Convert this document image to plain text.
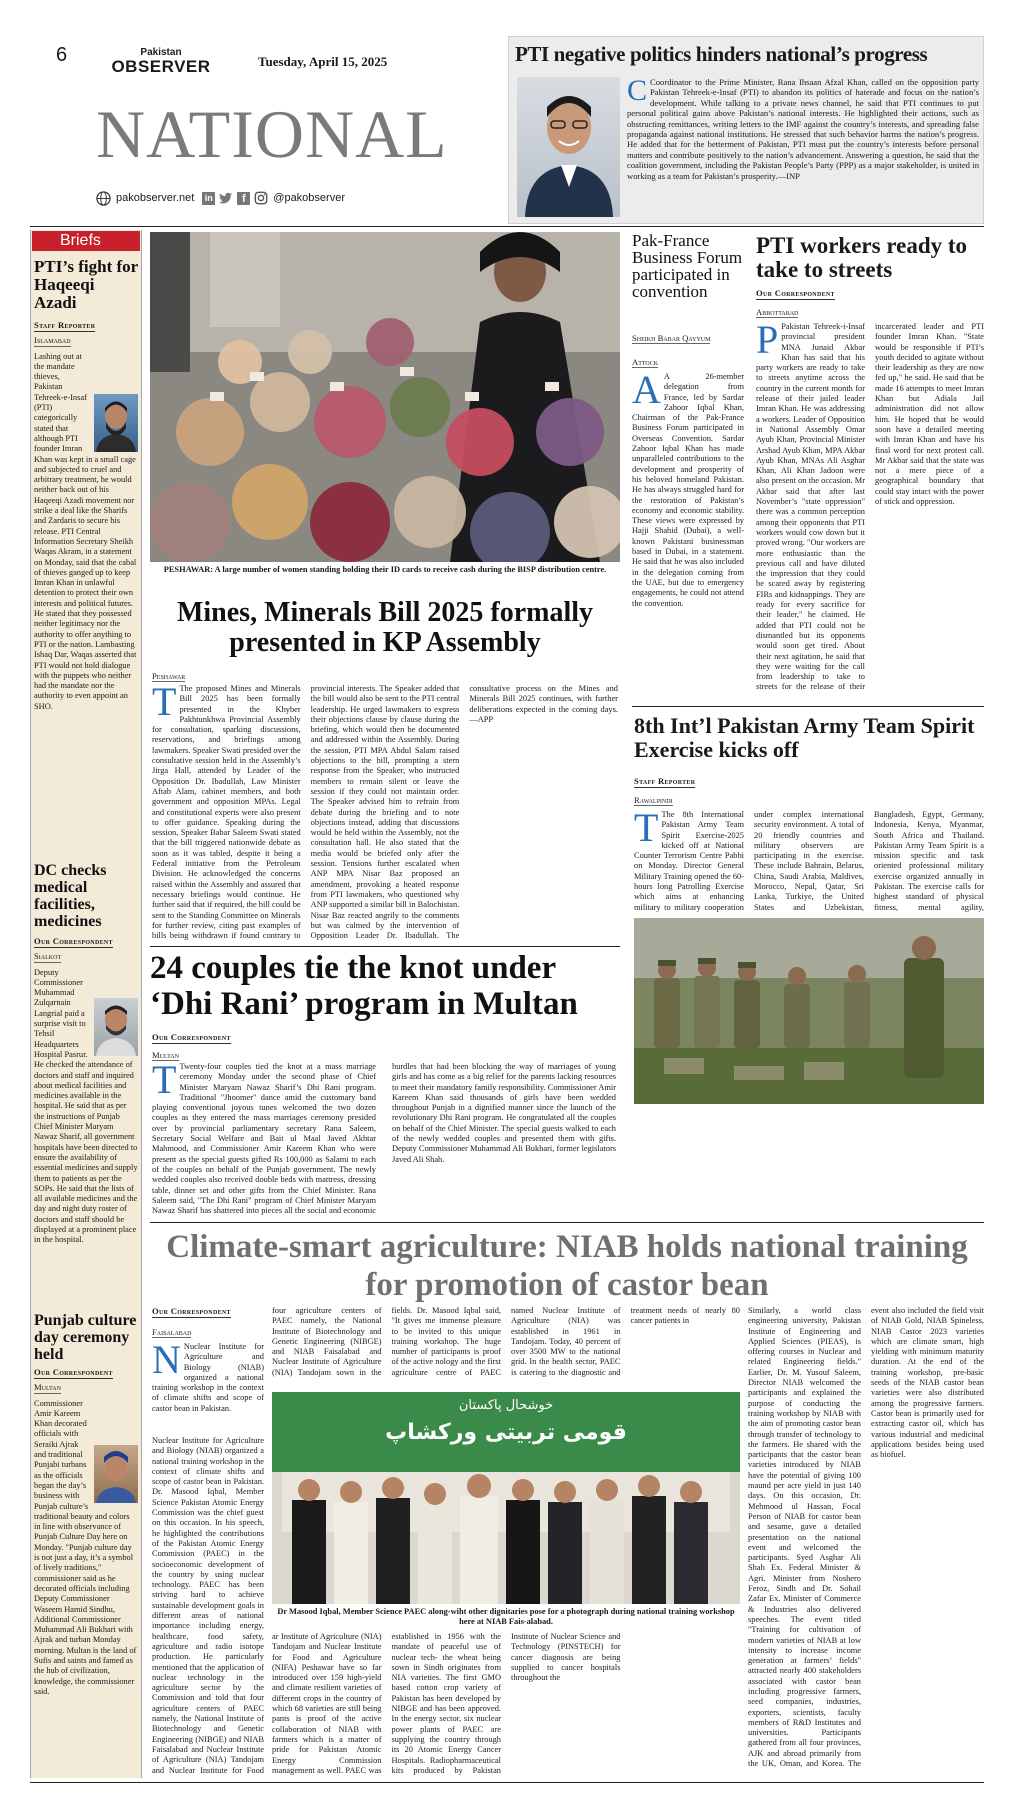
6	Pakistan
OBSERVER	Tuesday, April 15, 2025
NATIONAL
pakobserver.net in	f	@pakobserver
PTI negative politics hinders national’s progress
C Coordinator to the Prime Minister, Rana Ihsaan Afzal Khan, called on the opposition party Pakistan Tehreek-e-Insaf (PTI) to abandon its politics of haterade and focus on the nation’s development. While talking to a private news channel, he said that PTI continues to put personal political gains above Pakistan’s national interests. He highlighted their actions, such as obstructing remittances, writing letters to the IMF against the country’s interests, and spreading false propaganda against national institutions. He stressed that such behavior harms the nation’s progress. He added that for the betterment of Pakistan, PTI must put the country’s interests before personal matters and contribute positively to the nation’s advancement. Answering a question, he said that the coalition government, including the Pakistan People’s Party (PPP) as a major stakeholder, is united in working as a team for Pakistan’s prosperity.—INP
Briefs
PTI’s fight for Haqeeqi Azadi
Staff Reporter
Islamabad
Lashing out at the mandate thieves, Pakistan Tehreek-e-Insaf (PTI) categorically stated that although PTI founder Imran Khan was kept in a small cage and subjected to cruel and arbitrary treatment, he would neither back out of his Haqeeqi Azadi movement nor strike a deal like the Sharifs and Zardaris to secure his release. PTI Central Information Secretary Sheikh Waqas Akram, in a statement on Monday, said that the cabal of thieves ganged up to keep Imran Khan in unlawful detention to protect their own interests and political futures. He stated that they possessed neither legitimacy nor the authority to offer anything to PTI or the nation. Lambasting Ishaq Dar, Waqas asserted that PTI would not hold dialogue with the puppets who neither had the mandate nor the authority to even appoint an SHO.
DC checks medical facilities, medicines
Our Correspondent
Sialkot
Deputy Commissioner Muhammad Zulqarnain Langrial paid a surprise visit to Tehsil Headquarters Hospital Pasrur. He checked the attendance of doctors and staff and inquired about medical facilities and medicines available in the hospital. He said that as per the instructions of Punjab Chief Minister Maryam Nawaz Sharif, all government hospitals have been directed to ensure the availability of essential medicines and supply them to patients as per the SOPs. He said that the lists of all available medicines and the day and night duty roster of doctors and staff should be displayed at a prominent place in the hospital.
Punjab culture day ceremony held
Our Correspondent
Multan
Commissioner Amir Kareem Khan decorated officials with Seraiki Ajrak and traditional Punjabi turbans as the officials began the day’s business with Punjab culture’s traditional beauty and colors in line with observance of Punjab Culture Day here on Monday. "Punjab culture day is not just a day, it’s a symbol of lively traditions," commissioner said as he decorated officials including Deputy Commissioner Waseem Hamid Sindhu, Additional Commissioner Muhammad Ali Bukhari with Ajrak and turban Monday morning. Multan is the land of Sufis and saints and famed as the hub of civilization, knowledge, the commissioner said.
PESHAWAR: A large number of women standing holding their ID cards to receive cash during the BISP distribution centre.
Mines, Minerals Bill 2025 formally presented in KP Assembly
Peshawar
T The proposed Mines and Minerals Bill 2025 has been formally presented in the Khyber Pakhtunkhwa Provincial Assembly for consultation, sparking discussions, reservations, and briefings among lawmakers. Speaker Swati presided over the consultative session held in the Assembly’s Jirga Hall, attended by Leader of the Opposition Dr. Ibadullah, Law Minister Aftab Alam, cabinet members, and both government and opposition MPAs. Legal and constitutional experts were also present to offer guidance. Speaking during the session, Speaker Babar Saleem Swati stated that the bill triggered nationwide debate as soon as it was tabled, despite it being a Federal initiative from the Petroleum Division. He acknowledged the concerns raised within the Assembly and assured that necessary briefings would continue. He further said that if required, the bill could be sent to the Standing Committee on Minerals for further review, citing past examples of bills being withdrawn if found contrary to provincial interests. The Speaker added that the bill would also be sent to the PTI central leadership. He urged lawmakers to express their objections clause by clause during the briefing, which would then be documented and addressed within the Assembly. During the session, PTI MPA Abdul Salam raised objections to the bill, prompting a stern response from the Speaker, who instructed members to remain silent or leave the session if they could not maintain order. The Speaker advised him to refrain from debate during the briefing and to note objections instead, adding that discussions would be held within the Assembly, not the consultation hall. He also stated that the media would be briefed only after the session. Tensions further escalated when ANP MPA Nisar Baz proposed an amendment, provoking a heated response from PTI lawmakers, who questioned why ANP supported a similar bill in Balochistan. Nisar Baz reacted angrily to the comments but was calmed by the intervention of Opposition Leader Dr. Ibadullah. The consultative process on the Mines and Minerals Bill 2025 continues, with further deliberations expected in the coming days.—APP
24 couples tie the knot under ‘Dhi Rani’ program in Multan
Our Correspondent
Multan
T Twenty-four couples tied the knot at a mass marriage ceremony Monday under the second phase of Chief Minister Maryam Nawaz Sharif’s Dhi Rani program. Traditional "Jhoomer" dance amid the customary band playing conventional joyous tunes welcomed the two dozen couples as they entered the mass marriages ceremony presided over by provincial parliamentary secretary Rana Saleem, Secretary Social Welfare and Bait ul Maal Javed Akhtar Mahmood, and Commissioner Amir Kareem Khan who were present as the special guests gifted Rs 100,000 as Salami to each of the couples on behalf of the Punjab government. The newly wedded couples also received double beds with mattress, dressing table, dinner set and other gifts from the Chief Minister. Rana Saleem said, "The Dhi Rani" program of Chief Minister Maryam Nawaz Sharif has shattered into pieces all the social and economic hurdles that had been blocking the way of marriages of young girls and has come as a big relief for the parents lacking resources to meet their mandatory family responsibility. Commissioner Amir Kareem Khan said thousands of girls have been wedded throughout Punjab in a dignified manner since the launch of the revolutionary Dhi Rani program. He congratulated all the couples on behalf of the Chief Minister. The special guests walked to each of the newly wedded couples and presented them with gifts. Deputy Commissioner Muhammad Ali Bukhari, former legislators Javed Ali Shah.
Pak-France Business Forum participated in convention
Sheikh Babar Qayyum
Attock
A A 26-member delegation from France, led by Sardar Zahoor Iqbal Khan, Chairman of the Pak-France Business Forum participated in Overseas Convention. Sardar Zahoor Iqbal Khan has made unparalleled contributions to the development and prosperity of his beloved homeland Pakistan. He has always struggled hard for the restoration of Pakistan’s economy and economic stability. These views were expressed by Hajji Shahid (Dubai), a well-known Pakistani businessman based in Dubai, in a statement. He said that he was also included in the delegation coming from the UAE, but due to emergency engagements, he could not attend the convention.
PTI workers ready to take to streets
Our Correspondent
Abbottabad
P Pakistan Tehreek-i-Insaf provincial president MNA Junaid Akbar Khan has said that his party workers are ready to take to streets anytime across the country in the current month for release of their jailed leader Imran Khan. He was addressing a workers. Leader of Opposition in National Assembly Omar Ayub Khan, Provincial Minister Arshad Ayub Khan, MPA Akbar Ayub Khan, MNAs Ali Asghar Khan, Ali Khan Jadoon were also present on the occasion. Mr Akbar said that after last November’s "state oppression" there was a common perception among their opponents that PTI workers would cow down but it proved wrong. "Our workers are more enthusiastic than the previous call and have diluted the impression that they could be scared away by registering FIRs and kidnappings. They are ready for every sacrifice for their leader," he claimed. He added that PTI could not be dismantled but its opponents would soon get tired. About their next agitation, he said that they were waiting for the call from leadership to take to streets for the release of their incarcerated leader and PTI founder Imran Khan. "State would be responsible if PTI’s youth decided to agitate without their leadership as they are now fed up," he said. He said that he made 16 attempts to meet Imran Khan but Adiala Jail administration did not allow him. He hoped that he would soon have a detailed meeting with Imran Khan and have his final word for next protest call. Mr Akbar said that the state was not a mere piece of a geographical boundary that could stay intact with the power of stick and oppression.
8th Int’l Pakistan Army Team Spirit Exercise kicks off
Staff Reporter
Rawalpindi
T The 8th International Pakistan Army Team Spirit Exercise-2025 kicked off at National Counter Terrorism Centre Pabbi on Monday. Director General Military Training opened the 60-hours long Patrolling Exercise which aims at enhancing military to military cooperation under complex international security environment. A total of 20 friendly countries and military observers are participating in the exercise. These include Bahrain, Belarus, China, Saudi Arabia, Maldives, Morocco, Nepal, Qatar, Sri Lanka, Turkiye, the United States and Uzbekistan, Bangladesh, Egypt, Germany, Indonesia, Kenya, Myanmar, South Africa and Thailand. Pakistan Army Team Spirit is a mission specific and task oriented professional military exercise organized annually in Pakistan. The exercise calls for highest standard of physical fitness, mental agility,
Climate-smart agriculture: NIAB holds national training for promotion of castor bean
Our Correspondent
Faisalabad
N Nuclear Institute for Agriculture and Biology (NIAB) organized a national training workshop in the context of climate shifts and scope of castor bean in Pakistan.
four agriculture centers of PAEC namely, the National Institute of Biotechnology and Genetic Engineering (NIBGE) and NIAB Faisalabad and Nuclear Institute of Agriculture (NIA) Tandojam sown in the fields. Dr. Masood Iqbal said, "It gives me immense pleasure to be invited to this unique training workshop. The huge number of participants is proof of the active nology and the first agriculture centre of PAEC named Nuclear Institute of Agriculture (NIA) was established in 1961 in Tandojam. Today, 40 percent of over 3500 MW to the national grid. In the health sector, PAEC is catering to the diagnostic and treatment needs of nearly 80 cancer patients in
خوشحال پاکستان
قومی تربیتی ورکشاپ
Dr Masood Iqbal, Member Science PAEC along-wiht other dignitaries pose for a photograph during national training workshop here at NIAB Fais-alabad.
Nuclear Institute for Agriculture and Biology (NIAB) organized a national training workshop in the context of climate shifts and scope of castor bean in Pakistan. Dr. Masood Iqbal, Member Science Pakistan Atomic Energy Commission was the chief guest on this occasion. In his speech, he highlighted the contributions of the Pakistan Atomic Energy Commission (PAEC) in the socioeconomic development of the country by using nuclear technology. PAEC has been striving hard to achieve sustainable development goals in different areas of national importance including energy, healthcare, food safety, agriculture and radio isotope production. He particularly mentioned that the application of nuclear technology in the agriculture sector by the Commission and told that four agriculture centers of PAEC namely, the National Institute of Biotechnology and Genetic Engineering (NIBGE) and NIAB Faisalabad and Nuclear Institute of Agriculture (NIA) Tandojam and Nuclear Institute for Food
ar Institute of Agriculture (NIA) Tandojam and Nuclear Institute for Food and Agriculture (NIFA) Peshawar have so far introduced over 159 high-yield and climate resilient varieties of different crops in the country of which 68 varieties are still being pants is proof of the active collaboration of NIAB with farmers which is a matter of pride for Pakistan Atomic Energy Commission management as well. PAEC was established in 1956 with the mandate of peaceful use of nuclear tech- the wheat being sown in Sindh originates from NIA varieties. The first GMO based cotton crop variety of Pakistan has been developed by NIBGE and has been approved. In the energy sector, six nuclear power plants of PAEC are supplying the country through its 20 Atomic Energy Cancer Hospitals. Radiopharmaceutical kits produced by Pakistan Institute of Nuclear Science and Technology (PINSTECH) for cancer diagnosis are being supplied to cancer hospitals throughout the
Similarly, a world class engineering university, Pakistan Institute of Engineering and Applied Sciences (PIEAS), is offering courses in Nuclear and related Engineering fields." Earlier, Dr. M. Yusouf Saleem, Director NIAB welcomed the participants and explained the purpose of conducting the training workshop by NIAB with the aim of promoting castor bean through transfer of technology to the farmers. He shared with the participants that the castor bean varieties introduced by NIAB have the potential of giving 100 maund per acre yield in just 140 days. On this occasion, Dr. Mehmood ul Hassan, Focal Person of NIAB for castor bean and sesame, gave a detailed presentation on the national event and welcomed the participants. Syed Asghar Ali Shah Ex. Federal Minister & Agri. Minister from Noshero Feroz, Sindh and Dr. Sohail Zafar Ex. Minister of Commerce & Industries also delivered speeches. The event titled "Training for cultivation of modern varieties of NIAB at low intensity to increase income generation at farmers’ fields" attracted nearly 400 stakeholders associated with castor bean including progressive farmers, seed companies, industries, exporters, scientists, faculty members of R&D Institutes and universities. Participants gathered from all four provinces, AJK and abroad primarily from the UK, Oman, and Korea. The event also included the field visit of NIAB Gold, NIAB Spineless, NIAB Castor 2023 varieties which are climate smart, high yielding with minimum maturity duration. At the end of the training workshop, pre-basic seeds of the NIAB castor bean varieties were also distributed among the progressive farmers. Castor bean is primarily used for extracting castor oil, which has various industrial and medicinal applications besides being used as biofuel.
